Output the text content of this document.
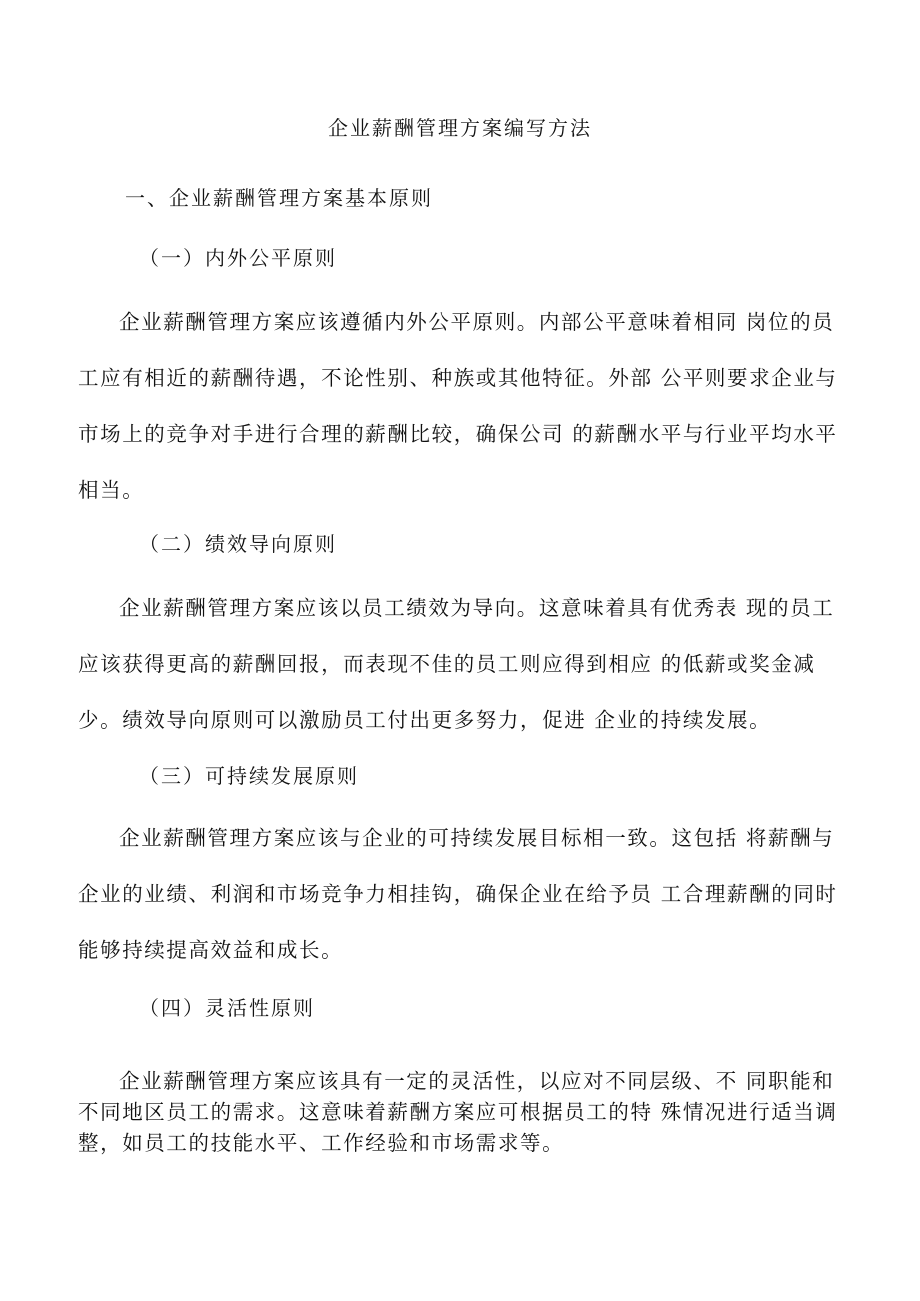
企业薪酬管理方案编写方法
一、企业薪酬管理方案基本原则
（一）内外公平原则

企业薪酬管理方案应该遵循内外公平原则。内部公平意味着相同 岗位的员工应有相近的薪酬待遇，不论性别、种族或其他特征。外部 公平则要求企业与市场上的竞争对手进行合理的薪酬比较，确保公司 的薪酬水平与行业平均水平相当。

（二）绩效导向原则

企业薪酬管理方案应该以员工绩效为导向。这意味着具有优秀表 现的员工应该获得更高的薪酬回报，而表现不佳的员工则应得到相应 的低薪或奖金减少。绩效导向原则可以激励员工付出更多努力，促进 企业的持续发展。

（三）可持续发展原则

企业薪酬管理方案应该与企业的可持续发展目标相一致。这包括 将薪酬与企业的业绩、利润和市场竞争力相挂钩，确保企业在给予员 工合理薪酬的同时能够持续提高效益和成长。

（四）灵活性原则

企业薪酬管理方案应该具有一定的灵活性，以应对不同层级、不 同职能和不同地区员工的需求。这意味着薪酬方案应可根据员工的特 殊情况进行适当调整，如员工的技能水平、工作经验和市场需求等。
